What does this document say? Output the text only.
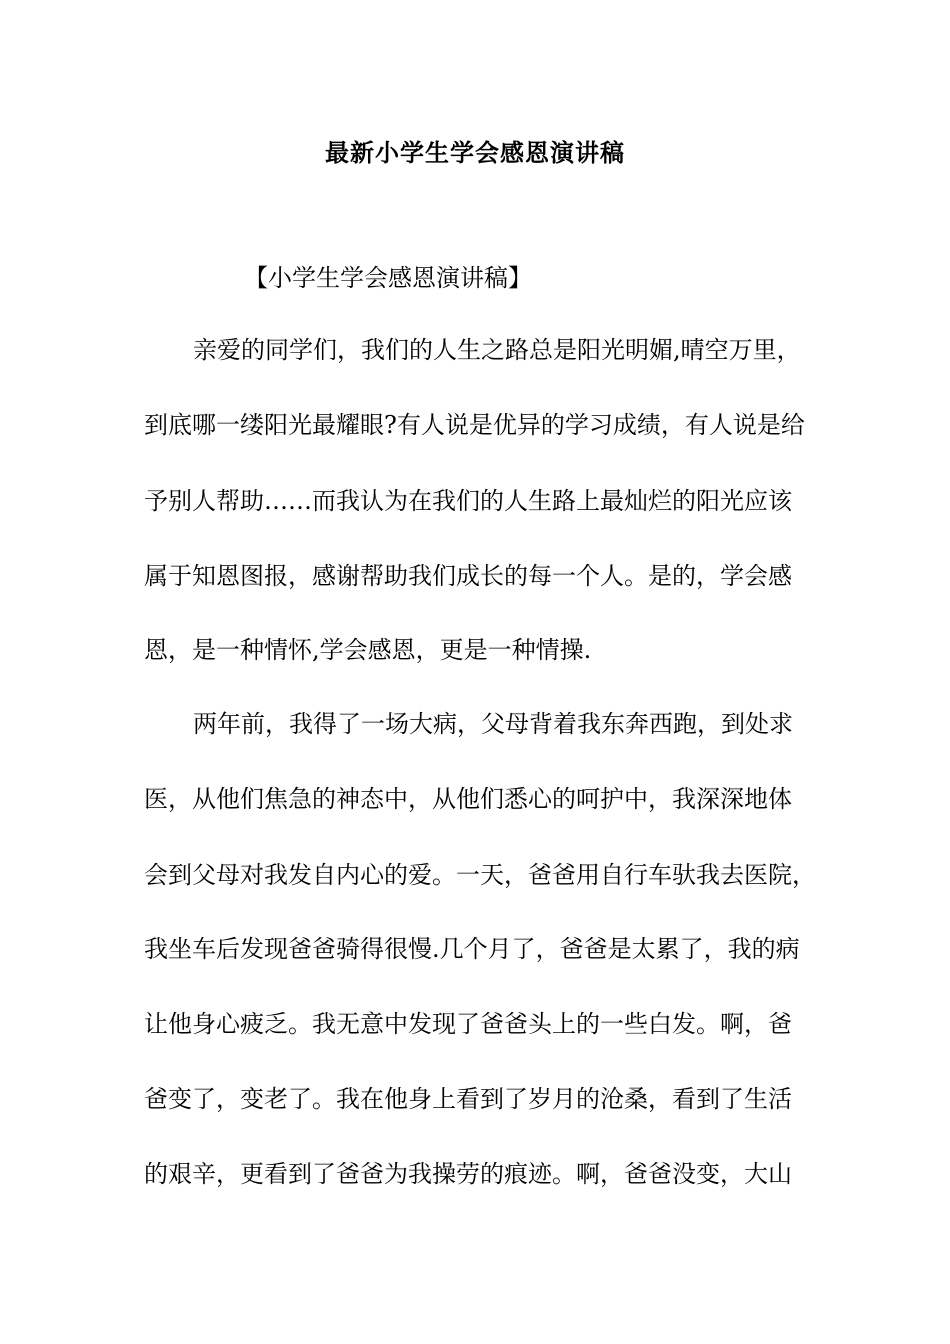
最新小学生学会感恩演讲稿
【小学生学会感恩演讲稿】
亲爱的同学们，我们的人生之路总是阳光明媚,晴空万里，
到底哪一缕阳光最耀眼?有人说是优异的学习成绩，有人说是给
予别人帮助……而我认为在我们的人生路上最灿烂的阳光应该
属于知恩图报，感谢帮助我们成长的每一个人。是的，学会感
恩，是一种情怀,学会感恩，更是一种情操.
两年前，我得了一场大病，父母背着我东奔西跑，到处求
医，从他们焦急的神态中，从他们悉心的呵护中，我深深地体
会到父母对我发自内心的爱。一天，爸爸用自行车驮我去医院，
我坐车后发现爸爸骑得很慢.几个月了，爸爸是太累了，我的病
让他身心疲乏。我无意中发现了爸爸头上的一些白发。啊，爸
爸变了，变老了。我在他身上看到了岁月的沧桑，看到了生活
的艰辛，更看到了爸爸为我操劳的痕迹。啊，爸爸没变，大山
